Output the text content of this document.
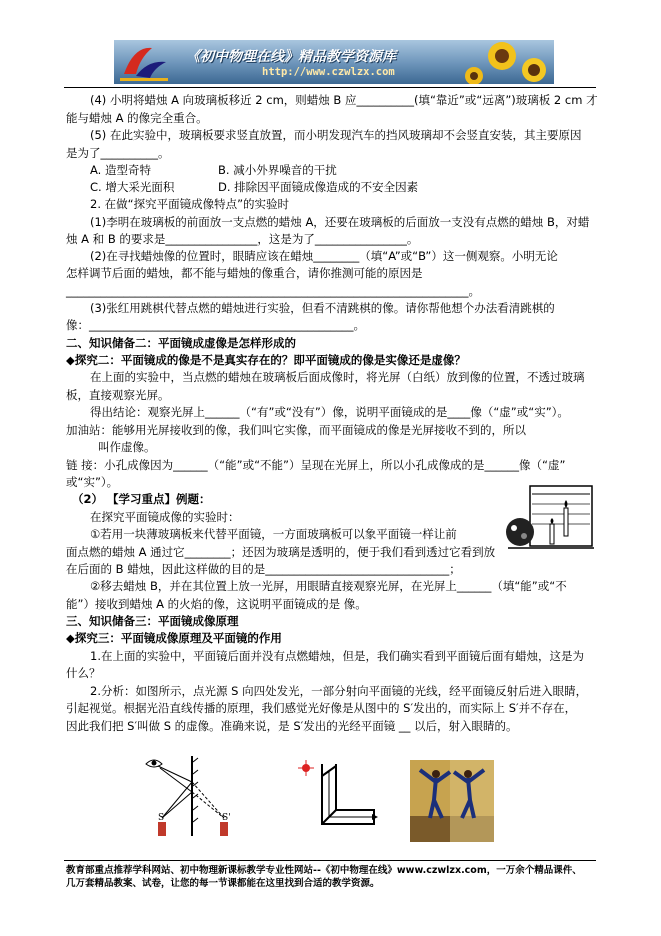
《初中物理在线》精品教学资源库
http://www.czwlzx.com
(4) 小明将蜡烛 A 向玻璃板移近 2 cm，则蜡烛 B 应__________(填“靠近”或“远离”)玻璃板 2 cm 才
能与蜡烛 A 的像完全重合。
(5) 在此实验中，玻璃板要求竖直放置，而小明发现汽车的挡风玻璃却不会竖直安装，其主要原因
是为了__________。
A. 造型奇特	B. 减小外界噪音的干扰
C. 增大采光面积	D. 排除因平面镜成像造成的不安全因素
2. 在做“探究平面镜成像特点”的实验时
(1)李明在玻璃板的前面放一支点燃的蜡烛 A，还要在玻璃板的后面放一支没有点燃的蜡烛 B，对蜡
烛 A 和 B 的要求是________________，这是为了________________。
(2)在寻找蜡烛像的位置时，眼睛应该在蜡烛________（填“A”或“B”）这一侧观察。小明无论
怎样调节后面的蜡烛，都不能与蜡烛的像重合，请你推测可能的原因是
______________________________________________________________________。
(3)张红用跳棋代替点燃的蜡烛进行实验，但看不清跳棋的像。请你帮他想个办法看清跳棋的
像：______________________________________________。
二、知识储备二：平面镜成虚像是怎样形成的
◆探究二：平面镜成的像是不是真实存在的？即平面镜成的像是实像还是虚像？
在上面的实验中，当点燃的蜡烛在玻璃板后面成像时，将光屏（白纸）放到像的位置，不透过玻璃
板，直接观察光屏。
得出结论：观察光屏上______（“有”或“没有”）像，说明平面镜成的是____像（“虚”或“实”）。
加油站：能够用光屏接收到的像，我们叫它实像，而平面镜成的像是光屏接收不到的，所以
叫作虚像。
链 接：小孔成像因为______（“能”或“不能”）呈现在光屏上，所以小孔成像成的是______像（“虚”
或“实”）。
（2） 【学习重点】例题：
在探究平面镜成像的实验时：
①若用一块薄玻璃板来代替平面镜，一方面玻璃板可以象平面镜一样让前
面点燃的蜡烛 A 通过它________；还因为玻璃是透明的，便于我们看到透过它看到放
在后面的 B 蜡烛，因此这样做的目的是________________________________；
②移去蜡烛 B，并在其位置上放一光屏，用眼睛直接观察光屏，在光屏上______（填“能”或“不
能”）接收到蜡烛 A 的火焰的像，这说明平面镜成的是 像。
三、知识储备三：平面镜成像原理
◆探究三：平面镜成像原理及平面镜的作用
1.在上面的实验中，平面镜后面并没有点燃蜡烛，但是，我们确实看到平面镜后面有蜡烛，这是为
什么？
2.分析：如图所示，点光源 S 向四处发光，一部分射向平面镜的光线，经平面镜反射后进入眼睛，
引起视觉。根据光沿直线传播的原理，我们感觉光好像是从图中的 S′发出的，而实际上 S′并不存在，
因此我们把 S′叫做 S 的虚像。准确来说，是 S′发出的光经平面镜 __ 以后，射入眼睛的。
S	S'
教育部重点推荐学科网站、初中物理新课标教学专业性网站--《初中物理在线》www.czwlzx.com，一万余个精品课件、
几万套精品教案、试卷，让您的每一节课都能在这里找到合适的教学资源。
